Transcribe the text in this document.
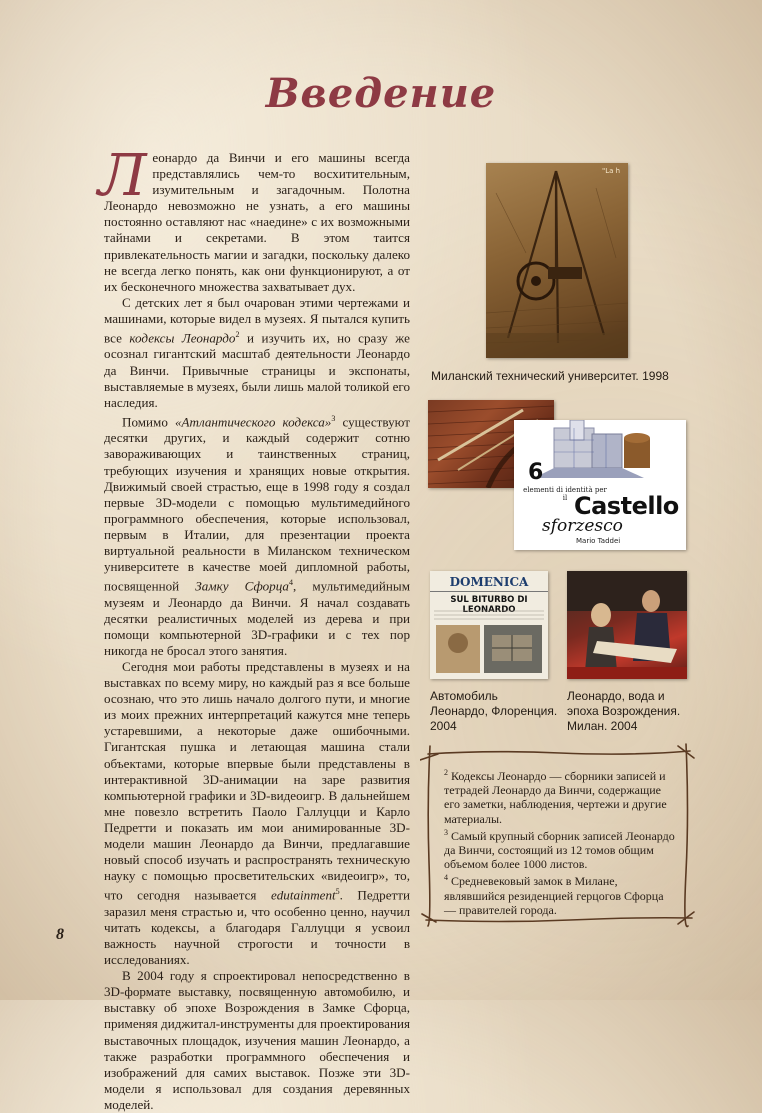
Введение

Леонардо да Винчи и его машины всегда представлялись чем-то восхитительным, изумительным и загадочным. Полотна Леонардо невозможно не узнать, а его машины постоянно оставляют нас «наедине» с их возможными тайнами и секретами. В этом таится привлекательность магии и загадки, поскольку далеко не всегда легко понять, как они функционируют, а от их бесконечного множества захватывает дух.

С детских лет я был очарован этими чертежами и машинами, которые видел в музеях. Я пытался купить все кодексы Леонардо$^2$ и изучить их, но сразу же осознал гигантский масштаб деятельности Леонардо да Винчи. Привычные страницы и экспонаты, выставляемые в музеях, были лишь малой толикой его наследия.

Помимо «Атлантического кодекса»$^3$ существуют десятки других, и каждый содержит сотню завораживающих и таинственных страниц, требующих изучения и хранящих новые открытия. Движимый своей страстью, еще в 1998 году я создал первые 3D-модели с помощью мультимедийного программного обеспечения, которые использовал, первым в Италии, для презентации проекта виртуальной реальности в Миланском техническом университете в качестве моей дипломной работы, посвященной Замку Сфорца$^4$, мультимедийным музеям и Леонардо да Винчи. Я начал создавать десятки реалистичных моделей из дерева и при помощи компьютерной 3D-графики и с тех пор никогда не бросал этого занятия.

Сегодня мои работы представлены в музеях и на выставках по всему миру, но каждый раз я все больше осознаю, что это лишь начало долгого пути, и многие из моих прежних интерпретаций кажутся мне теперь устаревшими, а некоторые даже ошибочными. Гигантская пушка и летающая машина стали объектами, которые впервые были представлены в интерактивной 3D-анимации на заре развития компьютерной графики и 3D-видеоигр. В дальнейшем мне повезло встретить Паоло Галлуцци и Карло Педретти и показать им мои анимированные 3D-модели машин Леонардо да Винчи, предлагавшие новый способ изучать и распространять техническую науку с помощью просветительских «видеоигр», то, что сегодня называется edutainment$^5$. Педретти заразил меня страстью и, что особенно ценно, научил читать кодексы, а благодаря Галлуцци я усвоил важность научной строгости и точности в исследованиях.

В 2004 году я спроектировал непосредственно в 3D-формате выставку, посвященную автомобилю, и выставку об эпохе Возрождения в Замке Сфорца, применяя диджитал-инструменты для проектирования выставочных площадок, изучения машин Леонардо, а также разработки программного обеспечения и изображений для самих выставок. Позже эти 3D-модели я использовал для создания деревянных моделей.

"La h
Миланский технический университет. 1998
6
elementi di identità per il Castello
sforzesco
Mario Taddei
DOMENICA
SUL BITURBO DI LEONARDO
Автомобиль Леонардо, Флоренция. 2004
Леонардо, вода и эпоха Возрождения. Милан. 2004

$^2$ Кодексы Леонардо — сборники записей и тетрадей Леонардо да Винчи, содержащие его заметки, наблюдения, чертежи и другие материалы.

$^3$ Самый крупный сборник записей Леонардо да Винчи, состоящий из 12 томов общим объемом более 1000 листов.

$^4$ Средневековый замок в Милане, являвшийся резиденцией герцогов Сфорца — правителей города.

8
